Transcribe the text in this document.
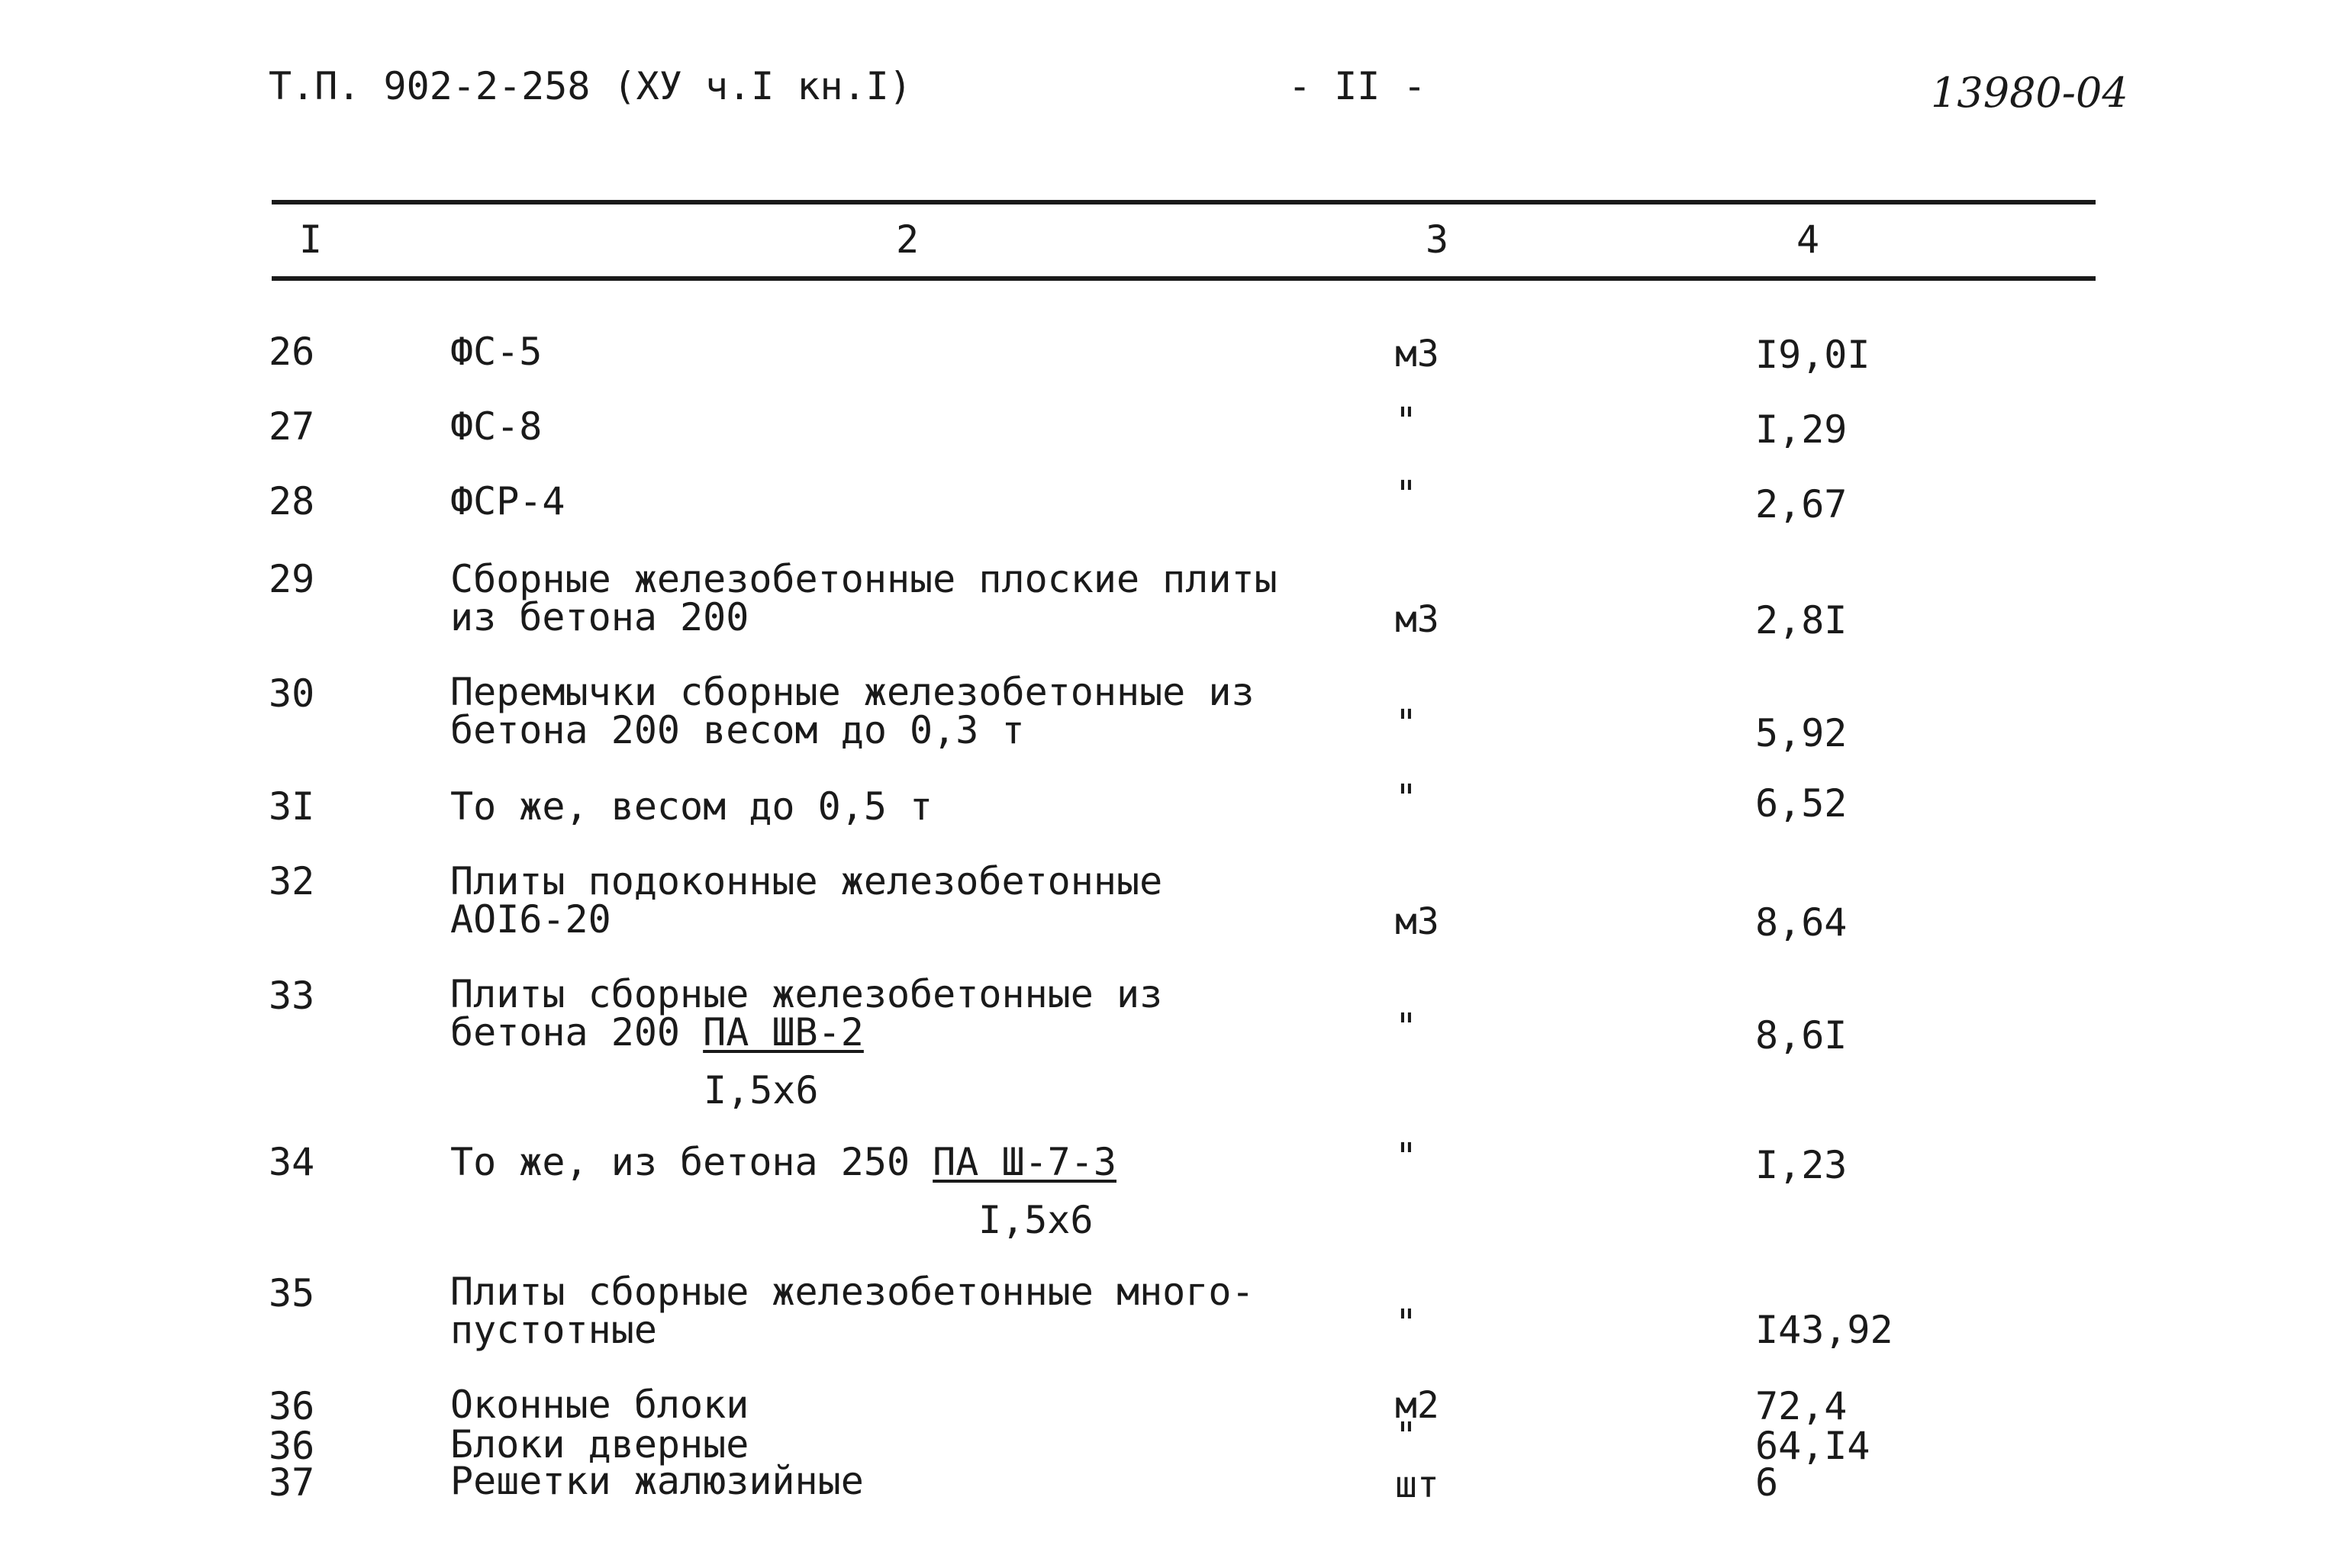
Т.П. 902-2-258 (ХУ ч.I кн.I)	- II -	13980-04
I	2	3	4
26	ФС-5	м3	I9,0I
27	ФС-8	"	I,29
28	ФСР-4	"	2,67
29	Сборные железобетонные плоские плиты
из бетона 200	м3	2,8I
30	Перемычки сборные железобетонные из
бетона 200 весом до 0,3 т	"	5,92
3I	То же, весом до 0,5 т	"	6,52
32	Плиты подоконные железобетонные
АОI6-20	м3	8,64
33	Плиты сборные железобетонные из
бетона 200 ПА ШВ-2
I,5х6
"	8,6I
34	То же, из бетона 250 ПА Ш-7-3
I,5х6
"	I,23
35	Плиты сборные железобетонные много-
пустотные	"	I43,92
36	Оконные блоки	м2	72,4
36	Блоки дверные	"	64,I4
37	Решетки жалюзийные	шт	6
